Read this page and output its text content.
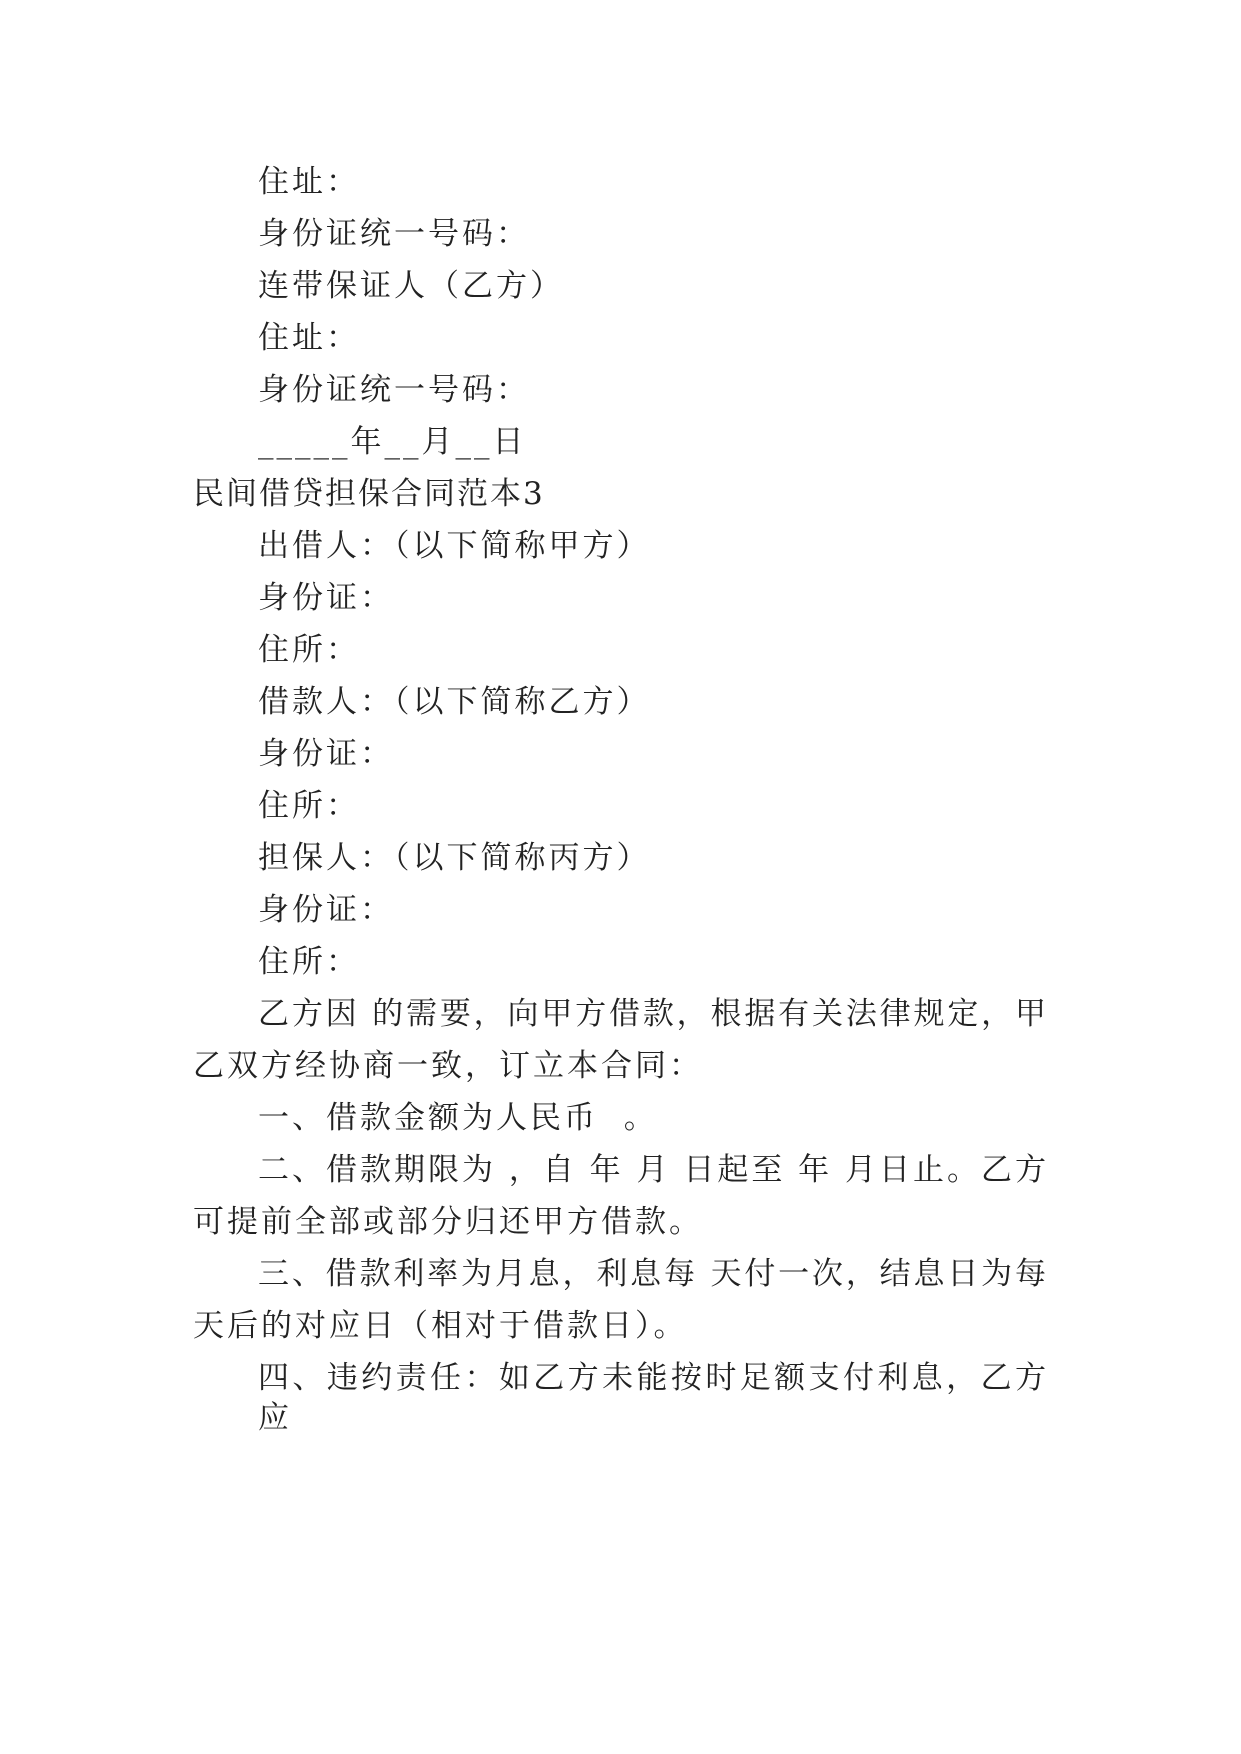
住址：
身份证统一号码：
连带保证人（乙方）
住址：
身份证统一号码：
_____年__月__日
民间借贷担保合同范本3
出借人：（以下简称甲方）
身份证：
住所：
借款人：（以下简称乙方）
身份证：
住所：
担保人：（以下简称丙方）
身份证：
住所：
乙方因 的需要，向甲方借款，根据有关法律规定，甲
乙双方经协商一致，订立本合同：
一、借款金额为人民币  。
二、借款期限为 ，自 年 月 日起至 年 月日止。乙方
可提前全部或部分归还甲方借款。
三、借款利率为月息，利息每 天付一次，结息日为每
天后的对应日（相对于借款日）。
四、违约责任：如乙方未能按时足额支付利息，乙方应
